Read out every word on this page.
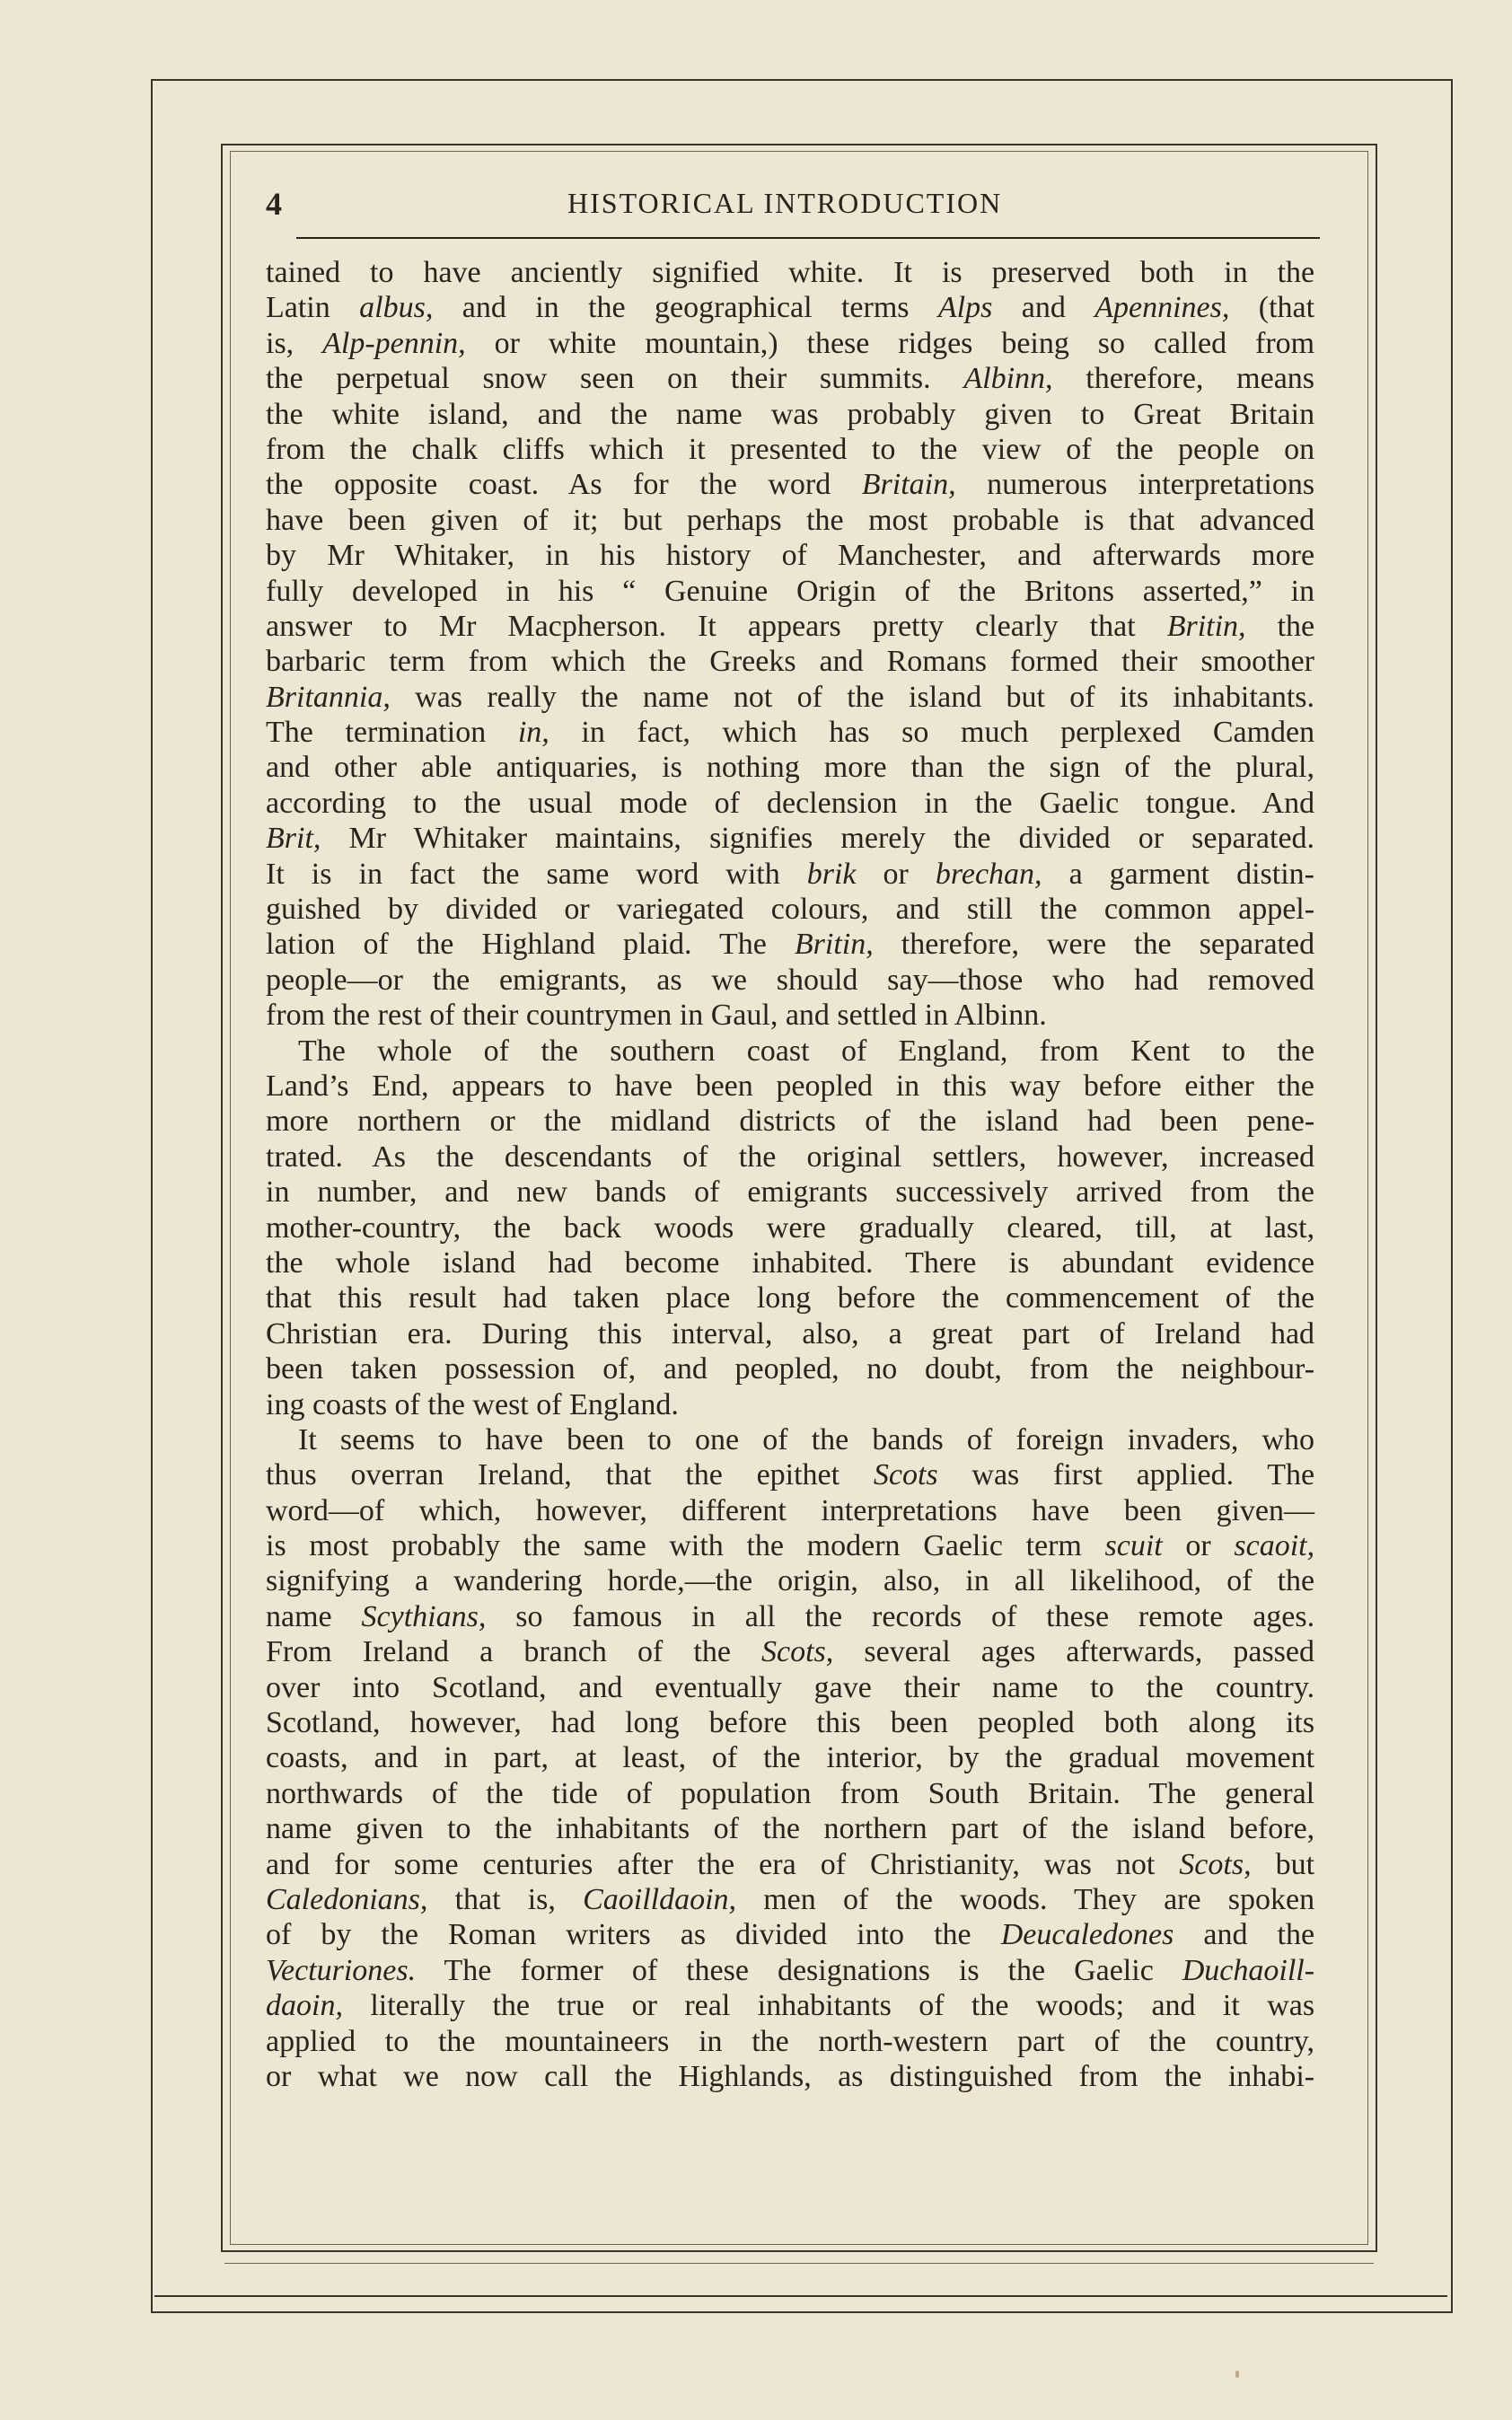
4	HISTORICAL INTRODUCTION
tained to have anciently signified white. It is preserved both in the
Latin albus, and in the geographical terms Alps and Apennines, (that
is, Alp-pennin, or white mountain,) these ridges being so called from
the perpetual snow seen on their summits. Albinn, therefore, means
the white island, and the name was probably given to Great Britain
from the chalk cliffs which it presented to the view of the people on
the opposite coast. As for the word Britain, numerous interpretations
have been given of it; but perhaps the most probable is that advanced
by Mr Whitaker, in his history of Manchester, and afterwards more
fully developed in his “ Genuine Origin of the Britons asserted,” in
answer to Mr Macpherson. It appears pretty clearly that Britin, the
barbaric term from which the Greeks and Romans formed their smoother
Britannia, was really the name not of the island but of its inhabitants.
The termination in, in fact, which has so much perplexed Camden
and other able antiquaries, is nothing more than the sign of the plural,
according to the usual mode of declension in the Gaelic tongue. And
Brit, Mr Whitaker maintains, signifies merely the divided or separated.
It is in fact the same word with brik or brechan, a garment distin-
guished by divided or variegated colours, and still the common appel-
lation of the Highland plaid. The Britin, therefore, were the separated
people—or the emigrants, as we should say—those who had removed
from the rest of their countrymen in Gaul, and settled in Albinn.
The whole of the southern coast of England, from Kent to the
Land’s End, appears to have been peopled in this way before either the
more northern or the midland districts of the island had been pene-
trated. As the descendants of the original settlers, however, increased
in number, and new bands of emigrants successively arrived from the
mother-country, the back woods were gradually cleared, till, at last,
the whole island had become inhabited. There is abundant evidence
that this result had taken place long before the commencement of the
Christian era. During this interval, also, a great part of Ireland had
been taken possession of, and peopled, no doubt, from the neighbour-
ing coasts of the west of England.
It seems to have been to one of the bands of foreign invaders, who
thus overran Ireland, that the epithet Scots was first applied. The
word—of which, however, different interpretations have been given—
is most probably the same with the modern Gaelic term scuit or scaoit,
signifying a wandering horde,—the origin, also, in all likelihood, of the
name Scythians, so famous in all the records of these remote ages.
From Ireland a branch of the Scots, several ages afterwards, passed
over into Scotland, and eventually gave their name to the country.
Scotland, however, had long before this been peopled both along its
coasts, and in part, at least, of the interior, by the gradual movement
northwards of the tide of population from South Britain. The general
name given to the inhabitants of the northern part of the island before,
and for some centuries after the era of Christianity, was not Scots, but
Caledonians, that is, Caoilldaoin, men of the woods. They are spoken
of by the Roman writers as divided into the Deucaledones and the
Vecturiones. The former of these designations is the Gaelic Duchaoill-
daoin, literally the true or real inhabitants of the woods; and it was
applied to the mountaineers in the north-western part of the country,
or what we now call the Highlands, as distinguished from the inhabi-
